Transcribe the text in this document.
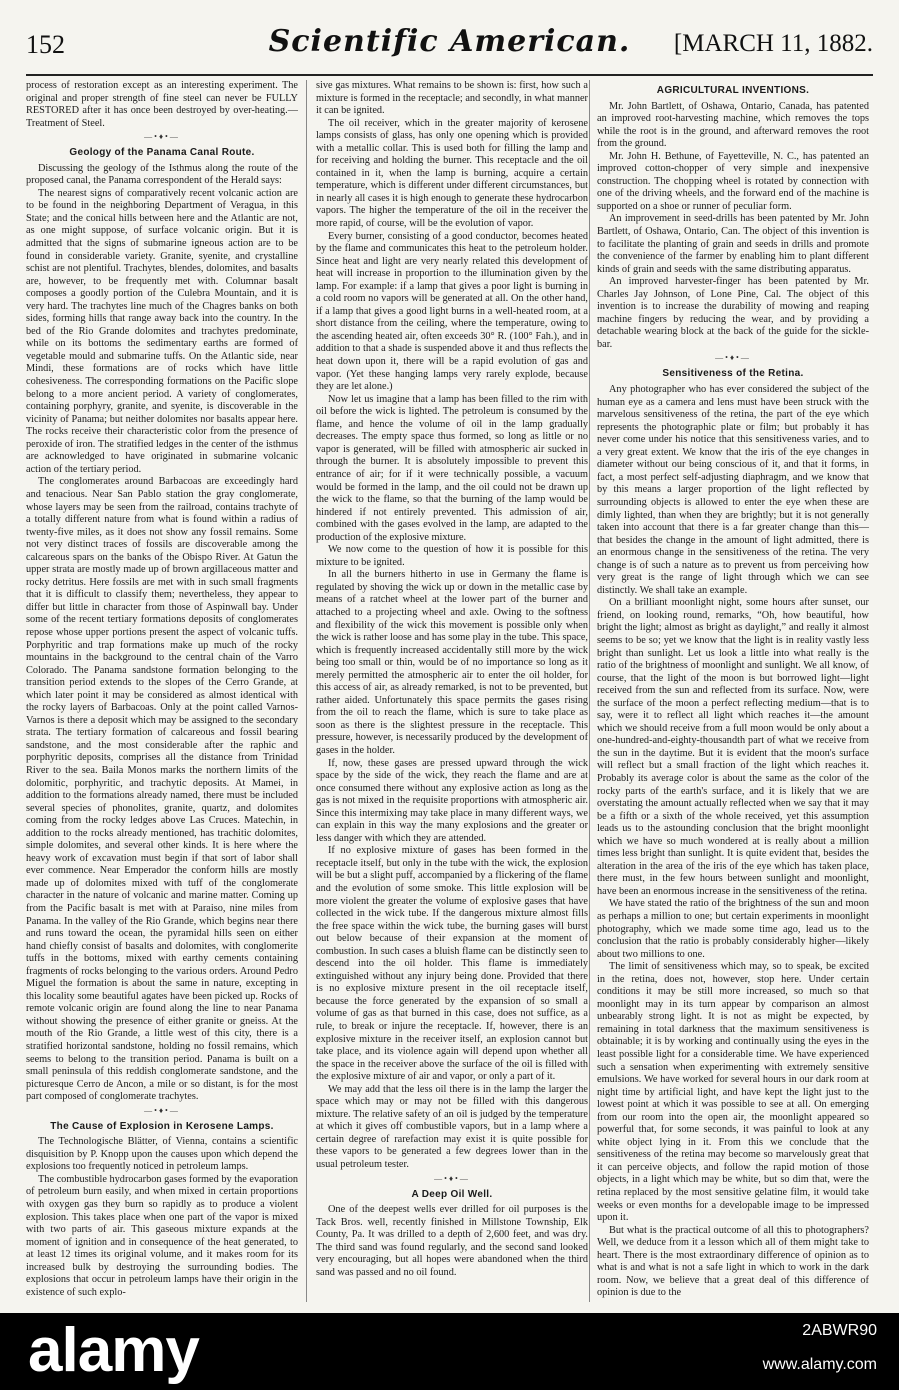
152	Scientific American.	[MARCH 11, 1882.

process of restoration except as an interesting experiment. The original and proper strength of fine steel can never be FULLY RESTORED after it has once been destroyed by over-heating.—Treatment of Steel.

—•♦•—
Geology of the Panama Canal Route.

Discussing the geology of the Isthmus along the route of the proposed canal, the Panama correspondent of the Herald says:

The nearest signs of comparatively recent volcanic action are to be found in the neighboring Department of Veragua, in this State; and the conical hills between here and the Atlantic are not, as one might suppose, of surface volcanic origin. But it is admitted that the signs of submarine igneous action are to be found in considerable variety. Granite, syenite, and crystalline schist are not plentiful. Trachytes, blendes, dolomites, and basalts are, however, to be frequently met with. Columnar basalt composes a goodly portion of the Culebra Mountain, and it is very hard. The trachytes line much of the Chagres banks on both sides, forming hills that range away back into the country. In the bed of the Rio Grande dolomites and trachytes predominate, while on its bottoms the sedimentary earths are formed of vegetable mould and submarine tuffs. On the Atlantic side, near Mindi, these formations are of rocks which have little cohesiveness. The corresponding formations on the Pacific slope belong to a more ancient period. A variety of conglomerates, containing porphyry, granite, and syenite, is discoverable in the vicinity of Panama; but neither dolomites nor basalts appear here. The rocks receive their characteristic color from the presence of peroxide of iron. The stratified ledges in the center of the isthmus are acknowledged to have originated in submarine volcanic action of the tertiary period.

The conglomerates around Barbacoas are exceedingly hard and tenacious. Near San Pablo station the gray conglomerate, whose layers may be seen from the railroad, contains trachyte of a totally different nature from what is found within a radius of twenty-five miles, as it does not show any fossil remains. Some not very distinct traces of fossils are discoverable among the calcareous spars on the banks of the Obispo River. At Gatun the upper strata are mostly made up of brown argillaceous matter and rocky detritus. Here fossils are met with in such small fragments that it is difficult to classify them; nevertheless, they appear to differ but little in character from those of Aspinwall bay. Under some of the recent tertiary formations deposits of conglomerates repose whose upper portions present the aspect of volcanic tuffs. Porphyritic and trap formations make up much of the rocky mountains in the background to the central chain of the Varro Colorado. The Panama sandstone formation belonging to the transition period extends to the slopes of the Cerro Grande, at which later point it may be considered as almost identical with the rocky layers of Barbacoas. Only at the point called Varnos-Varnos is there a deposit which may be assigned to the secondary strata. The tertiary formation of calcareous and fossil bearing sandstone, and the most considerable after the raphic and porphyritic deposits, comprises all the distance from Trinidad River to the sea. Baila Monos marks the northern limits of the dolomitic, porphyritic, and trachytic deposits. At Mamei, in addition to the formations already named, there must be included several species of phonolites, granite, quartz, and dolomites coming from the rocky ledges above Las Cruces. Matechin, in addition to the rocks already mentioned, has trachitic dolomites, simple dolomites, and several other kinds. It is here where the heavy work of excavation must begin if that sort of labor shall ever commence. Near Emperador the conform hills are mostly made up of dolomites mixed with tuff of the conglomerate character in the nature of volcanic and marine matter. Coming up from the Pacific basalt is met with at Paraiso, nine miles from Panama. In the valley of the Rio Grande, which begins near there and runs toward the ocean, the pyramidal hills seen on either hand chiefly consist of basalts and dolomites, with conglomerite tuffs in the bottoms, mixed with earthy cements containing fragments of rocks belonging to the various orders. Around Pedro Miguel the formation is about the same in nature, excepting in this locality some beautiful agates have been picked up. Rocks of remote volcanic origin are found along the line to near Panama without showing the presence of either granite or gneiss. At the mouth of the Rio Grande, a little west of this city, there is a stratified horizontal sandstone, holding no fossil remains, which seems to belong to the transition period. Panama is built on a small peninsula of this reddish conglomerate sandstone, and the picturesque Cerro de Ancon, a mile or so distant, is for the most part composed of conglomerate trachytes.

—•♦•—
The Cause of Explosion in Kerosene Lamps.

The Technologische Blätter, of Vienna, contains a scientific disquisition by P. Knopp upon the causes upon which depend the explosions too frequently noticed in petroleum lamps.

The combustible hydrocarbon gases formed by the evaporation of petroleum burn easily, and when mixed in certain proportions with oxygen gas they burn so rapidly as to produce a violent explosion. This takes place when one part of the vapor is mixed with two parts of air. This gaseous mixture expands at the moment of ignition and in consequence of the heat generated, to at least 12 times its original volume, and it makes room for its increased bulk by destroying the surrounding bodies. The explosions that occur in petroleum lamps have their origin in the existence of such explo-

sive gas mixtures. What remains to be shown is: first, how such a mixture is formed in the receptacle; and secondly, in what manner it can be ignited.

The oil receiver, which in the greater majority of kerosene lamps consists of glass, has only one opening which is provided with a metallic collar. This is used both for filling the lamp and for receiving and holding the burner. This receptacle and the oil contained in it, when the lamp is burning, acquire a certain temperature, which is different under different circumstances, but in nearly all cases it is high enough to generate these hydrocarbon vapors. The higher the temperature of the oil in the receiver the more rapid, of course, will be the evolution of vapor.

Every burner, consisting of a good conductor, becomes heated by the flame and communicates this heat to the petroleum holder. Since heat and light are very nearly related this development of heat will increase in proportion to the illumination given by the lamp. For example: if a lamp that gives a poor light is burning in a cold room no vapors will be generated at all. On the other hand, if a lamp that gives a good light burns in a well-heated room, at a short distance from the ceiling, where the temperature, owing to the ascending heated air, often exceeds 30° R. (100° Fah.), and in addition to that a shade is suspended above it and thus reflects the heat down upon it, there will be a rapid evolution of gas and vapor. (Yet these hanging lamps very rarely explode, because they are let alone.)

Now let us imagine that a lamp has been filled to the rim with oil before the wick is lighted. The petroleum is consumed by the flame, and hence the volume of oil in the lamp gradually decreases. The empty space thus formed, so long as little or no vapor is generated, will be filled with atmospheric air sucked in through the burner. It is absolutely impossible to prevent this entrance of air; for if it were technically possible, a vacuum would be formed in the lamp, and the oil could not be drawn up the wick to the flame, so that the burning of the lamp would be hindered if not entirely prevented. This admission of air, combined with the gases evolved in the lamp, are adapted to the production of the explosive mixture.

We now come to the question of how it is possible for this mixture to be ignited.

In all the burners hitherto in use in Germany the flame is regulated by shoving the wick up or down in the metallic case by means of a ratchet wheel at the lower part of the burner and attached to a projecting wheel and axle. Owing to the softness and flexibility of the wick this movement is possible only when the wick is rather loose and has some play in the tube. This space, which is frequently increased accidentally still more by the wick being too small or thin, would be of no importance so long as it merely permitted the atmospheric air to enter the oil holder, for this access of air, as already remarked, is not to be prevented, but rather aided. Unfortunately this space permits the gases rising from the oil to reach the flame, which is sure to take place as soon as there is the slightest pressure in the receptacle. This pressure, however, is necessarily produced by the development of gases in the holder.

If, now, these gases are pressed upward through the wick space by the side of the wick, they reach the flame and are at once consumed there without any explosive action as long as the gas is not mixed in the requisite proportions with atmospheric air. Since this intermixing may take place in many different ways, we can explain in this way the many explosions and the greater or less danger with which they are attended.

If no explosive mixture of gases has been formed in the receptacle itself, but only in the tube with the wick, the explosion will be but a slight puff, accompanied by a flickering of the flame and the evolution of some smoke. This little explosion will be more violent the greater the volume of explosive gases that have collected in the wick tube. If the dangerous mixture almost fills the free space within the wick tube, the burning gases will burst out below because of their expansion at the moment of combustion. In such cases a bluish flame can be distinctly seen to descend into the oil holder. This flame is immediately extinguished without any injury being done. Provided that there is no explosive mixture present in the oil receptacle itself, because the force generated by the expansion of so small a volume of gas as that burned in this case, does not suffice, as a rule, to break or injure the receptacle. If, however, there is an explosive mixture in the receiver itself, an explosion cannot but take place, and its violence again will depend upon whether all the space in the receiver above the surface of the oil is filled with the explosive mixture of air and vapor, or only a part of it.

We may add that the less oil there is in the lamp the larger the space which may or may not be filled with this dangerous mixture. The relative safety of an oil is judged by the temperature at which it gives off combustible vapors, but in a lamp where a certain degree of rarefaction may exist it is quite possible for these vapors to be generated a few degrees lower than in the usual petroleum tester.

—•♦•—
A Deep Oil Well.

One of the deepest wells ever drilled for oil purposes is the Tack Bros. well, recently finished in Millstone Township, Elk County, Pa. It was drilled to a depth of 2,600 feet, and was dry. The third sand was found regularly, and the second sand looked very encouraging, but all hopes were abandoned when the third sand was passed and no oil found.

AGRICULTURAL INVENTIONS.

Mr. John Bartlett, of Oshawa, Ontario, Canada, has patented an improved root-harvesting machine, which removes the tops while the root is in the ground, and afterward removes the root from the ground.

Mr. John H. Bethune, of Fayetteville, N. C., has patented an improved cotton-chopper of very simple and inexpensive construction. The chopping wheel is rotated by connection with one of the driving wheels, and the forward end of the machine is supported on a shoe or runner of peculiar form.

An improvement in seed-drills has been patented by Mr. John Bartlett, of Oshawa, Ontario, Can. The object of this invention is to facilitate the planting of grain and seeds in drills and promote the convenience of the farmer by enabling him to plant different kinds of grain and seeds with the same distributing apparatus.

An improved harvester-finger has been patented by Mr. Charles Jay Johnson, of Lone Pine, Cal. The object of this invention is to increase the durability of mowing and reaping machine fingers by reducing the wear, and by providing a detachable wearing block at the back of the guide for the sickle-bar.

—•♦•—
Sensitiveness of the Retina.

Any photographer who has ever considered the subject of the human eye as a camera and lens must have been struck with the marvelous sensitiveness of the retina, the part of the eye which represents the photographic plate or film; but probably it has never come under his notice that this sensitiveness varies, and to a very great extent. We know that the iris of the eye changes in diameter without our being conscious of it, and that it forms, in fact, a most perfect self-adjusting diaphragm, and we know that by this means a larger proportion of the light reflected by surrounding objects is allowed to enter the eye when these are dimly lighted, than when they are brightly; but it is not generally taken into account that there is a far greater change than this—that besides the change in the amount of light admitted, there is an enormous change in the sensitiveness of the retina. The very change is of such a nature as to prevent us from perceiving how very great is the range of light through which we can see distinctly. We shall take an example.

On a brilliant moonlight night, some hours after sunset, our friend, on looking round, remarks, “Oh, how beautiful, how bright the light; almost as bright as daylight,” and really it almost seems to be so; yet we know that the light is in reality vastly less bright than sunlight. Let us look a little into what really is the ratio of the brightness of moonlight and sunlight. We all know, of course, that the light of the moon is but borrowed light—light received from the sun and reflected from its surface. Now, were the surface of the moon a perfect reflecting medium—that is to say, were it to reflect all light which reaches it—the amount which we should receive from a full moon would be only about a one-hundred-and-eighty-thousandth part of what we receive from the sun in the daytime. But it is evident that the moon's surface will reflect but a small fraction of the light which reaches it. Probably its average color is about the same as the color of the rocky parts of the earth's surface, and it is likely that we are overstating the amount actually reflected when we say that it may be a fifth or a sixth of the whole received, yet this assumption leads us to the astounding conclusion that the bright moonlight which we have so much wondered at is really about a million times less bright than sunlight. It is quite evident that, besides the alteration in the area of the iris of the eye which has taken place, there must, in the few hours between sunlight and moonlight, have been an enormous increase in the sensitiveness of the retina.

We have stated the ratio of the brightness of the sun and moon as perhaps a million to one; but certain experiments in moonlight photography, which we made some time ago, lead us to the conclusion that the ratio is probably considerably higher—likely about two millions to one.

The limit of sensitiveness which may, so to speak, be excited in the retina, does not, however, stop here. Under certain conditions it may be still more increased, so much so that moonlight may in its turn appear by comparison an almost unbearably strong light. It is not as might be expected, by remaining in total darkness that the maximum sensitiveness is obtainable; it is by working and continually using the eyes in the least possible light for a considerable time. We have experienced such a sensation when experimenting with extremely sensitive emulsions. We have worked for several hours in our dark room at night time by artificial light, and have kept the light just to the lowest point at which it was possible to see at all. On emerging from our room into the open air, the moonlight appeared so powerful that, for some seconds, it was painful to look at any white object lying in it. From this we conclude that the sensitiveness of the retina may become so marvelously great that it can perceive objects, and follow the rapid motion of those objects, in a light which may be white, but so dim that, were the retina replaced by the most sensitive gelatine film, it would take weeks or even months for a developable image to be impressed upon it.

But what is the practical outcome of all this to photographers? Well, we deduce from it a lesson which all of them might take to heart. There is the most extraordinary difference of opinion as to what is and what is not a safe light in which to work in the dark room. Now, we believe that a great deal of this difference of opinion is due to the

alamy	2ABWR90
www.alamy.com
